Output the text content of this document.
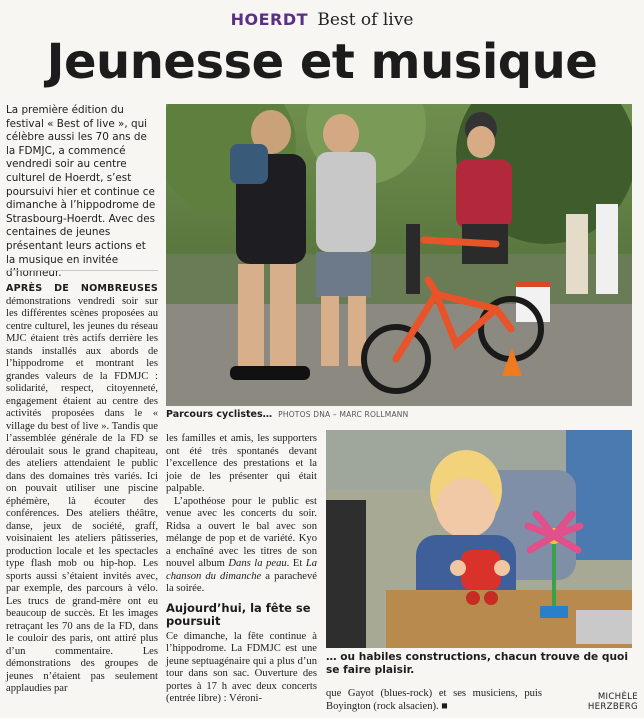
HOERDT Best of live
Jeunesse et musique
La première édition du festival « Best of live », qui célèbre aussi les 70 ans de la FDMJC, a commencé vendredi soir au centre culturel de Hoerdt, s’est poursuivi hier et continue ce dimanche à l’hippodrome de Strasbourg-Hoerdt. Avec des centaines de jeunes présentant leurs actions et la musique en invitée d’honneur.
APRÈS DE NOMBREUSES démonstrations vendredi soir sur les différentes scènes proposées au centre culturel, les jeunes du réseau MJC étaient très actifs derrière les stands installés aux abords de l’hippodrome et montrant les grandes valeurs de la FDMJC : solidarité, respect, citoyenneté, engagement étaient au centre des activités proposées dans le « village du best of live ». Tandis que l’assemblée générale de la FD se déroulait sous le grand chapiteau, des ateliers attendaient le public dans des domaines très variés. Ici on pouvait utiliser une piscine éphémère, là écouter des conférences. Des ateliers théâtre, danse, jeux de société, graff, voisinaient les ateliers pâtisseries, production locale et les spectacles type flash mob ou hip-hop. Les sports aussi s’étaient invités avec, par exemple, des parcours à vélo. Les trucs de grand-mère ont eu beaucoup de succès. Et les images retraçant les 70 ans de la FD, dans le couloir des paris, ont attiré plus d’un commentaire. Les démonstrations des groupes de jeunes n’étaient pas seulement applaudies par
Parcours cyclistes… PHOTOS DNA – MARC ROLLMANN
les familles et amis, les supporters ont été très spontanés devant l’excellence des prestations et la joie de les présenter qui était palpable.
L’apothéose pour le public est venue avec les concerts du soir. Ridsa a ouvert le bal avec son mélange de pop et de variété. Kyo a enchaîné avec les titres de son nouvel album Dans la peau. Et La chanson du dimanche a parachevé la soirée.
Aujourd’hui, la fête se poursuit
Ce dimanche, la fête continue à l’hippodrome. La FDMJC est une jeune septuagénaire qui a plus d’un tour dans son sac. Ouverture des portes à 17 h avec deux concerts (entrée libre) : Véroni-
… ou habiles constructions, chacun trouve de quoi se faire plaisir.
que Gayot (blues-rock) et ses musiciens, puis Boyington (rock alsacien). ■
MICHÈLE HERZBERG
